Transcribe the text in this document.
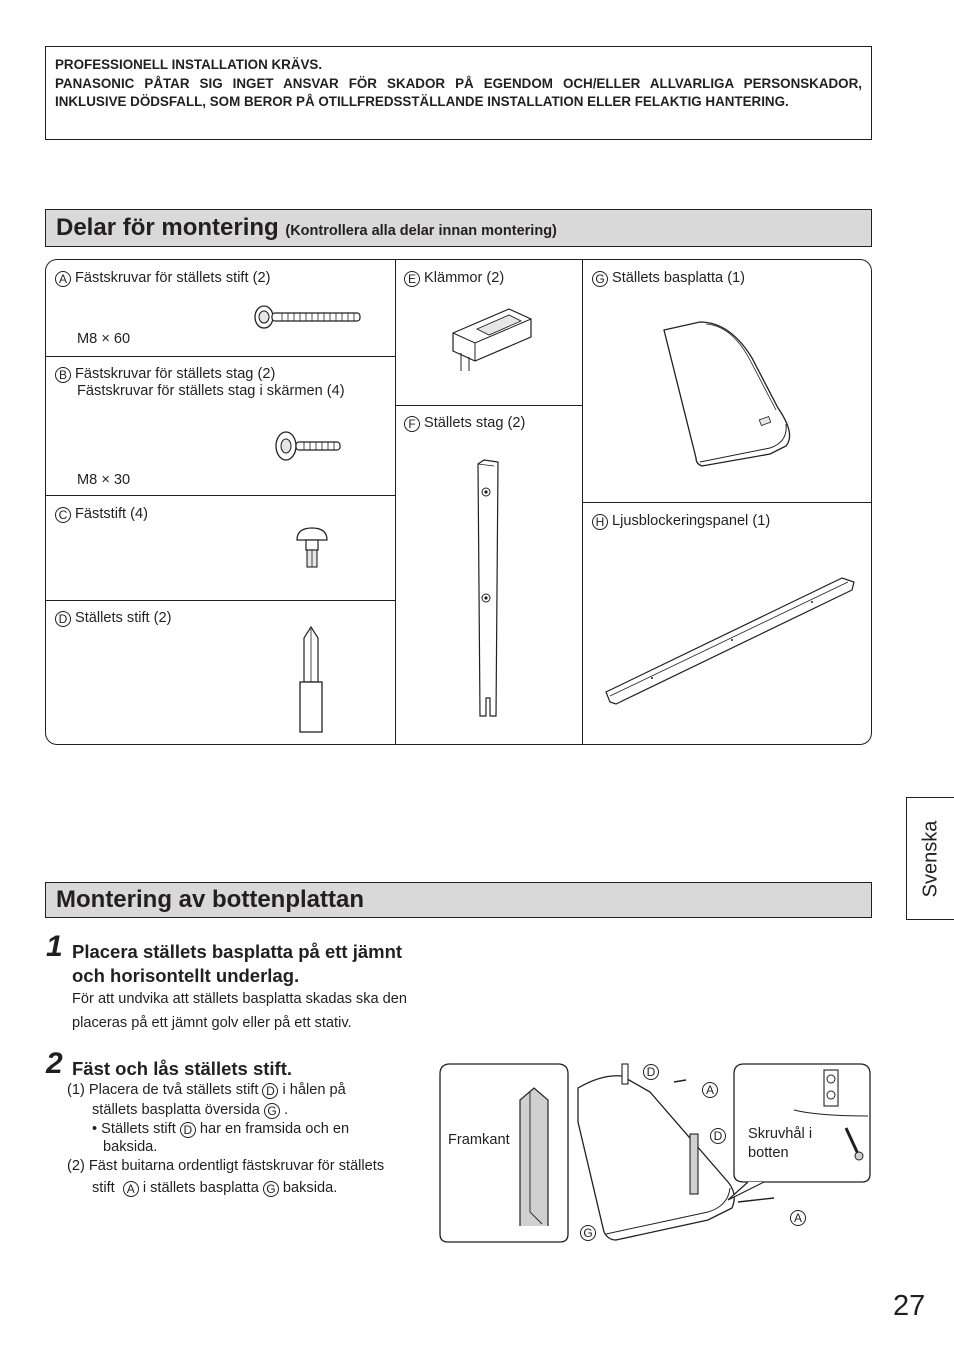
PROFESSIONELL INSTALLATION KRÄVS.

PANASONIC PÅTAR SIG INGET ANSVAR FÖR SKADOR PÅ EGENDOM OCH/ELLER ALLVARLIGA PERSONSKADOR, INKLUSIVE DÖDSFALL, SOM BEROR PÅ OTILLFREDSSTÄLLANDE INSTALLATION ELLER FELAKTIG HANTERING.

Delar för montering (Kontrollera alla delar innan montering)
A Fästskruvar för ställets stift (2)
M8 × 60
B Fästskruvar för ställets stag (2)
Fästskruvar för ställets stag i skärmen (4)
M8 × 30
C Fäststift (4)
D Ställets stift (2)
E Klämmor (2)
F Ställets stag (2)
G Ställets basplatta (1)
H Ljusblockeringspanel (1)
Svenska
Montering av bottenplattan
1 Placera ställets basplatta på ett jämnt
och horisontellt underlag.
För att undvika att ställets basplatta skadas ska den
placeras på ett jämnt golv eller på ett stativ.
2 Fäst och lås ställets stift.
(1) Placera de två ställets stift D i hålen på
ställets basplatta översida G .
• Ställets stift D har en framsida och en
baksida.
(2) Fäst buitarna ordentligt fästskruvar för ställets
stift A i ställets basplatta G baksida.
Framkant	Skruvhål i
botten
D
A
D
A
G
27
